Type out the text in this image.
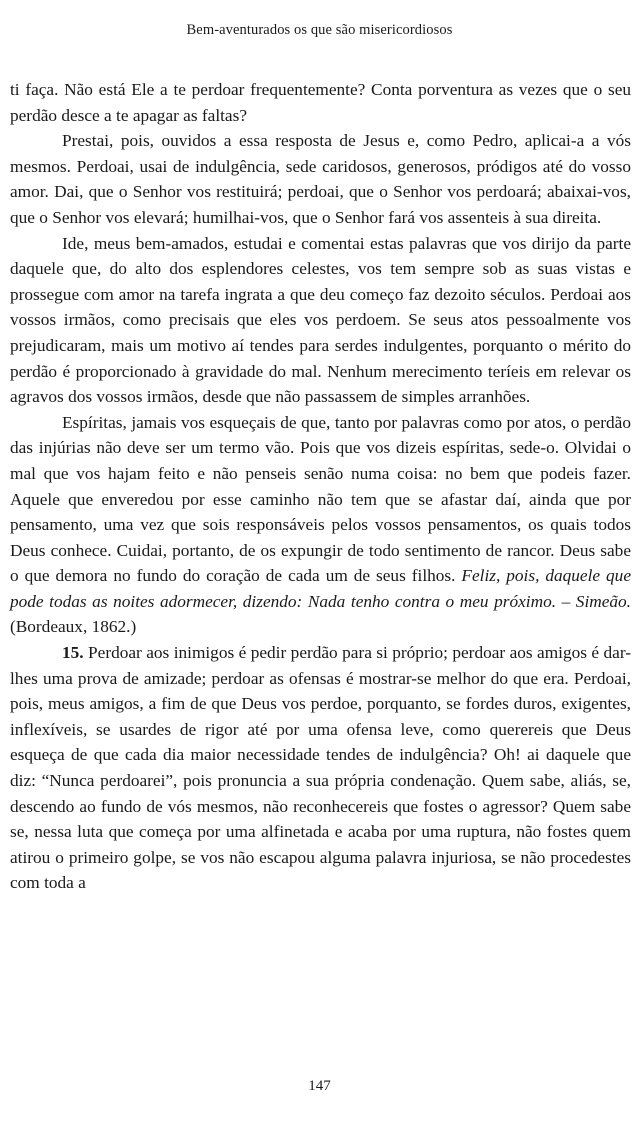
Bem-aventurados os que são misericordiosos

ti faça. Não está Ele a te perdoar frequentemente? Conta porventura as vezes que o seu perdão desce a te apagar as faltas?

Prestai, pois, ouvidos a essa resposta de Jesus e, como Pedro, aplicai-a a vós mesmos. Perdoai, usai de indulgência, sede caridosos, generosos, pródigos até do vosso amor. Dai, que o Senhor vos restituirá; perdoai, que o Senhor vos perdoará; abaixai-vos, que o Senhor vos elevará; humilhai-vos, que o Senhor fará vos assenteis à sua direita.

Ide, meus bem-amados, estudai e comentai estas palavras que vos dirijo da parte daquele que, do alto dos esplendores celestes, vos tem sempre sob as suas vistas e prossegue com amor na tarefa ingrata a que deu começo faz dezoito séculos. Perdoai aos vossos irmãos, como precisais que eles vos perdoem. Se seus atos pessoalmente vos prejudicaram, mais um motivo aí tendes para serdes indulgentes, porquanto o mérito do perdão é proporcionado à gravidade do mal. Nenhum merecimento teríeis em relevar os agravos dos vossos irmãos, desde que não passassem de simples arranhões.

Espíritas, jamais vos esqueçais de que, tanto por palavras como por atos, o perdão das injúrias não deve ser um termo vão. Pois que vos dizeis espíritas, sede-o. Olvidai o mal que vos hajam feito e não penseis senão numa coisa: no bem que podeis fazer. Aquele que enveredou por esse caminho não tem que se afastar daí, ainda que por pensamento, uma vez que sois responsáveis pelos vossos pensamentos, os quais todos Deus conhece. Cuidai, portanto, de os expungir de todo sentimento de rancor. Deus sabe o que demora no fundo do coração de cada um de seus filhos. Feliz, pois, daquele que pode todas as noites adormecer, dizendo: Nada tenho contra o meu próximo. – Simeão. (Bordeaux, 1862.)

15. Perdoar aos inimigos é pedir perdão para si próprio; perdoar aos amigos é dar-lhes uma prova de amizade; perdoar as ofensas é mostrar-se melhor do que era. Perdoai, pois, meus amigos, a fim de que Deus vos perdoe, porquanto, se fordes duros, exigentes, inflexíveis, se usardes de rigor até por uma ofensa leve, como querereis que Deus esqueça de que cada dia maior necessidade tendes de indulgência? Oh! ai daquele que diz: “Nunca perdoarei”, pois pronuncia a sua própria condenação. Quem sabe, aliás, se, descendo ao fundo de vós mesmos, não reconhecereis que fostes o agressor? Quem sabe se, nessa luta que começa por uma alfinetada e acaba por uma ruptura, não fostes quem atirou o primeiro golpe, se vos não escapou alguma palavra injuriosa, se não procedestes com toda a

147
